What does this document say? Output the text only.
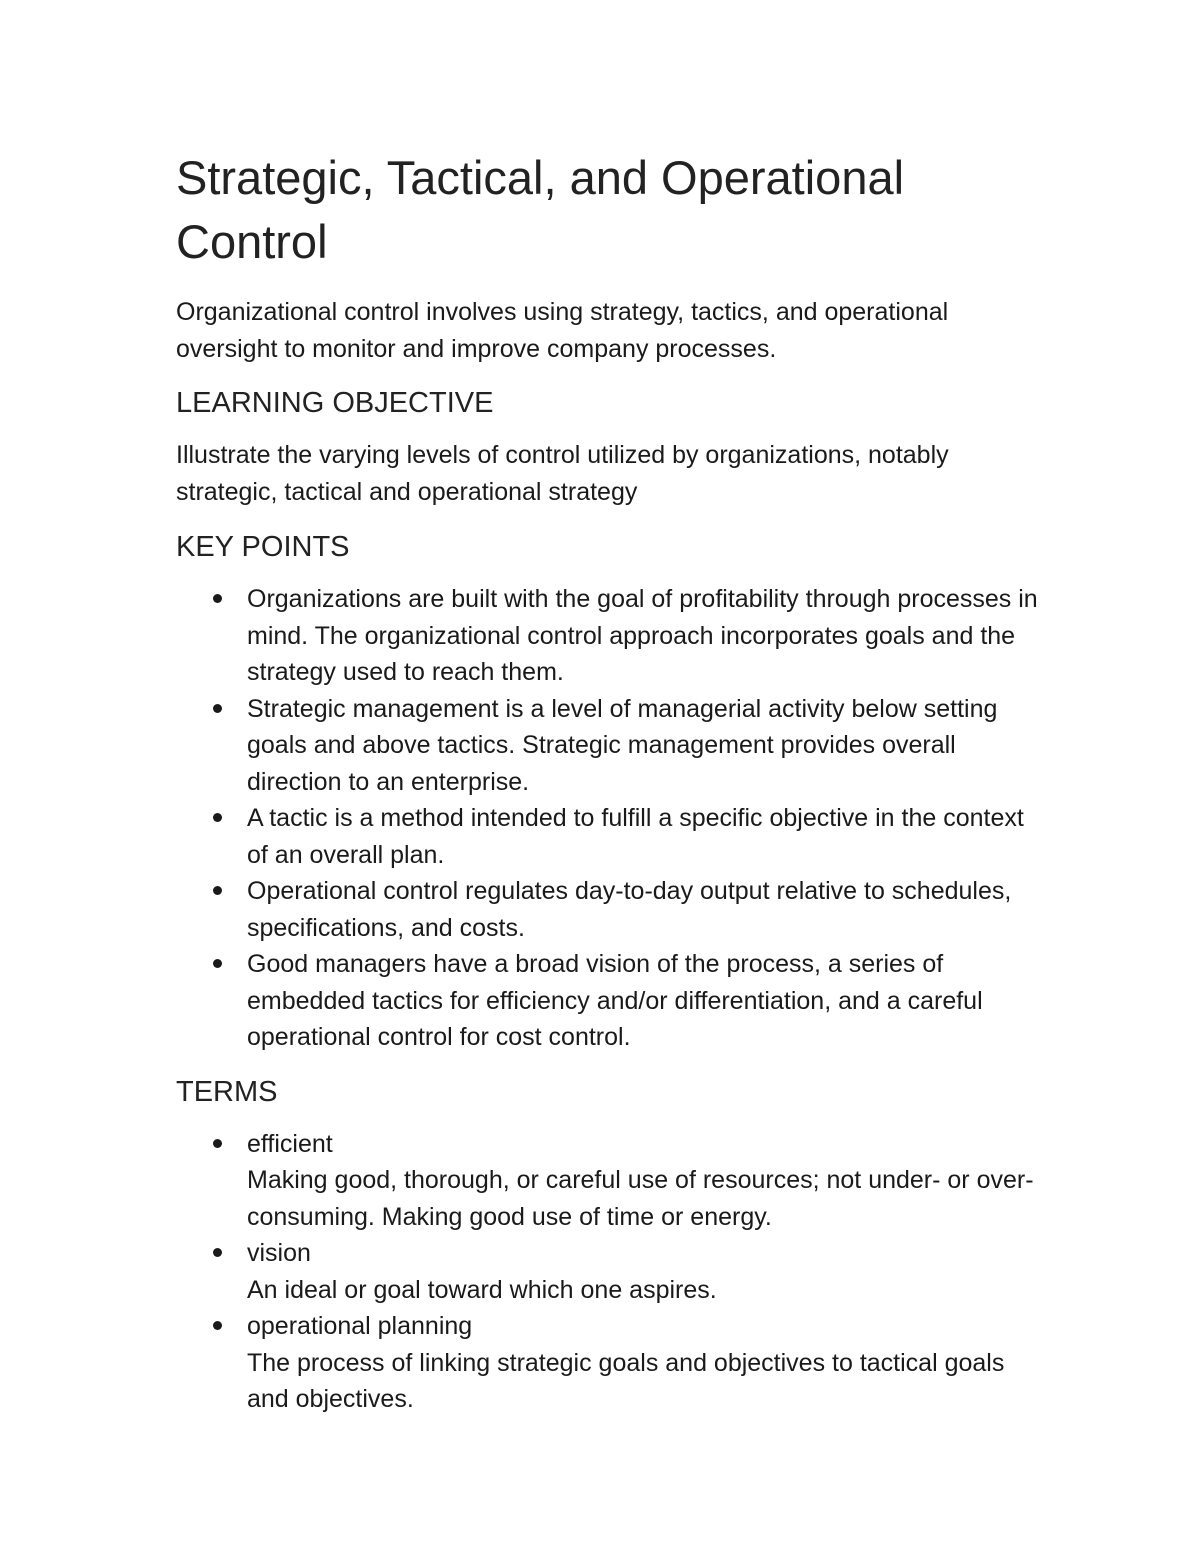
Strategic, Tactical, and Operational Control

Organizational control involves using strategy, tactics, and operational oversight to monitor and improve company processes.

LEARNING OBJECTIVE

Illustrate the varying levels of control utilized by organizations, notably strategic, tactical and operational strategy

KEY POINTS
Organizations are built with the goal of profitability through processes in mind. The organizational control approach incorporates goals and the strategy used to reach them.
Strategic management is a level of managerial activity below setting goals and above tactics. Strategic management provides overall direction to an enterprise.
A tactic is a method intended to fulfill a specific objective in the context of an overall plan.
Operational control regulates day-to-day output relative to schedules, specifications, and costs.
Good managers have a broad vision of the process, a series of embedded tactics for efficiency and/or differentiation, and a careful operational control for cost control.
TERMS
efficient
Making good, thorough, or careful use of resources; not under- or over-consuming. Making good use of time or energy.
vision
An ideal or goal toward which one aspires.
operational planning
The process of linking strategic goals and objectives to tactical goals and objectives.
